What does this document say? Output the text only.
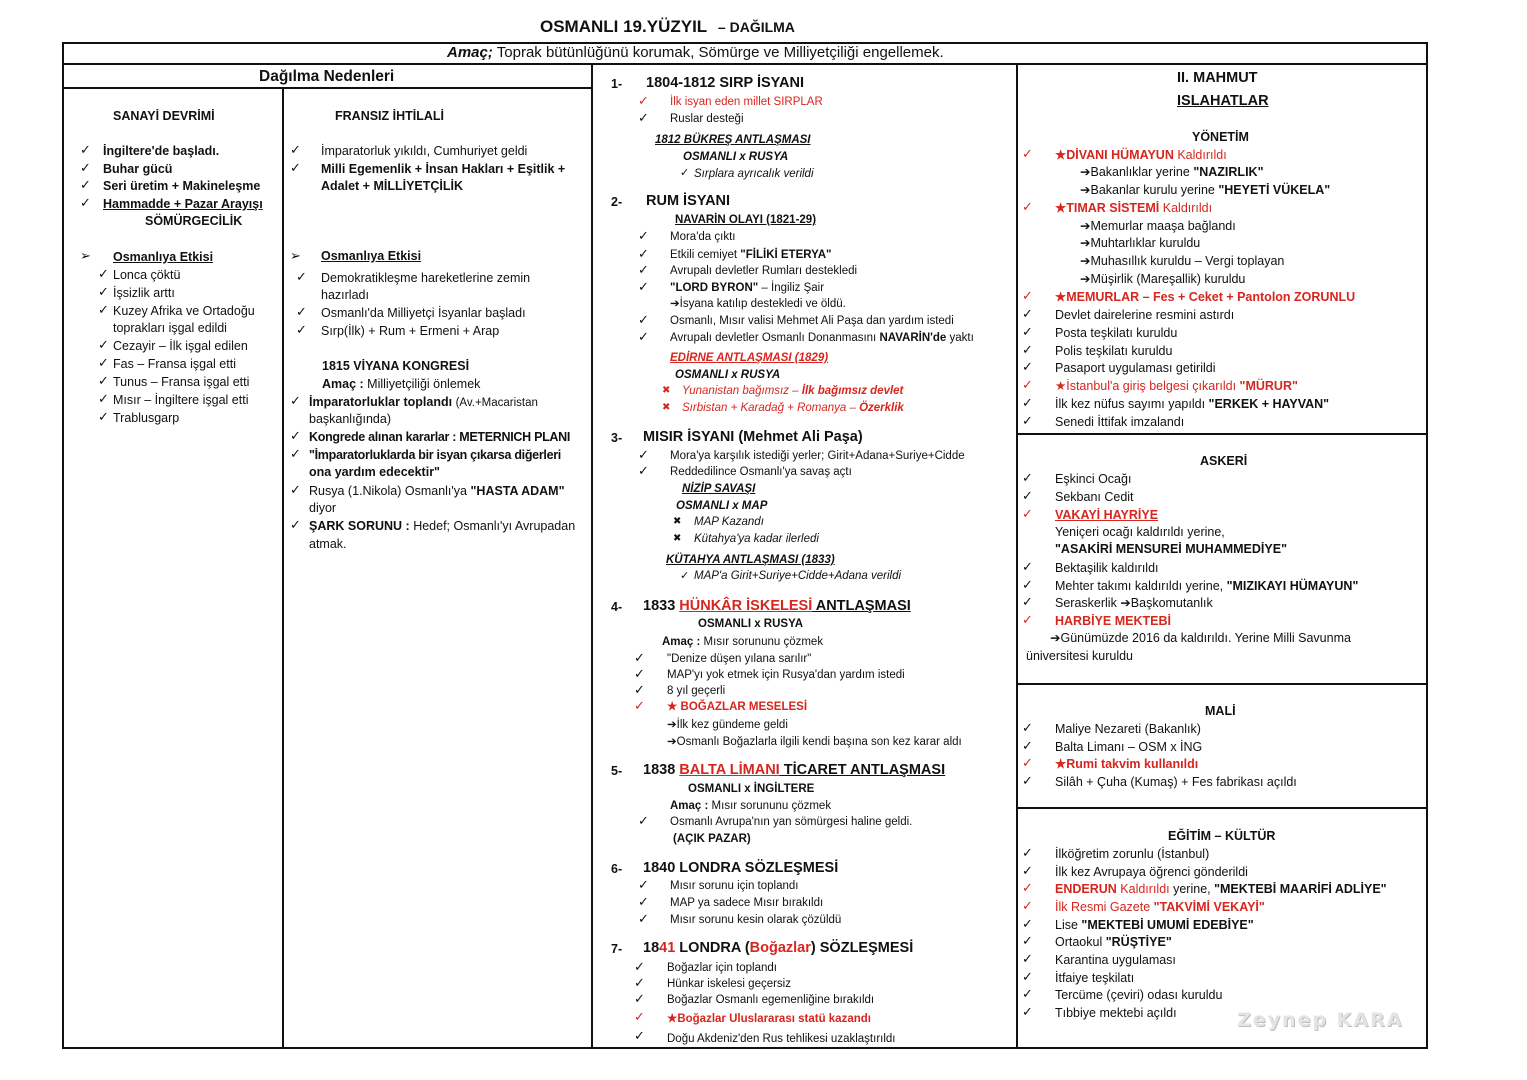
OSMANLI 19.YÜZYIL – DAĞILMA
Amaç; Toprak bütünlüğünü korumak, Sömürge ve Milliyetçiliği engellemek.
Dağılma Nedenleri
SANAYİ DEVRİMİ
✓ İngiltere'de başladı.
✓ Buhar gücü
✓ Seri üretim + Makineleşme
✓ Hammadde + Pazar Arayışı
SÖMÜRGECİLİK
➢ Osmanlıya Etkisi
✓ Lonca çöktü
✓ İşsizlik arttı
✓ Kuzey Afrika ve Ortadoğu
toprakları işgal edildi
✓ Cezayir – İlk işgal edilen
✓ Fas – Fransa işgal etti
✓ Tunus – Fransa işgal etti
✓ Mısır – İngiltere işgal etti
✓ Trablusgarp
FRANSIZ İHTİLALİ
✓ İmparatorluk yıkıldı, Cumhuriyet geldi
✓ Milli Egemenlik + İnsan Hakları + Eşitlik +
Adalet + MİLLİYETÇİLİK
➢ Osmanlıya Etkisi
✓ Demokratikleşme hareketlerine zemin
hazırladı
✓ Osmanlı'da Milliyetçi İsyanlar başladı
✓ Sırp(İlk) + Rum + Ermeni + Arap
1815 VİYANA KONGRESİ
Amaç : Milliyetçiliği önlemek
✓ İmparatorluklar toplandı (Av.+Macaristan
başkanlığında)
✓ Kongrede alınan kararlar : METERNICH PLANI
✓ "İmparatorluklarda bir isyan çıkarsa diğerleri
ona yardım edecektir"
✓ Rusya (1.Nikola) Osmanlı'ya "HASTA ADAM"
diyor
✓ ŞARK SORUNU : Hedef; Osmanlı'yı Avrupadan
atmak.
1- 1804-1812 SIRP İSYANI
✓ İlk isyan eden millet SIRPLAR
✓ Ruslar desteği
1812 BÜKREŞ ANTLAŞMASI
OSMANLI x RUSYA
✓ Sırplara ayrıcalık verildi
2- RUM İSYANI
NAVARİN OLAYI (1821-29)
✓ Mora'da çıktı
✓ Etkili cemiyet "FİLİKİ ETERYA"
✓ Avrupalı devletler Rumları destekledi
✓ "LORD BYRON" – İngiliz Şair
➔İsyana katılıp destekledi ve öldü.
✓ Osmanlı, Mısır valisi Mehmet Ali Paşa dan yardım istedi
✓ Avrupalı devletler Osmanlı Donanmasını NAVARİN'de yaktı
EDİRNE ANTLAŞMASI (1829)
OSMANLI x RUSYA
✖ Yunanistan bağımsız – İlk bağımsız devlet
✖ Sırbistan + Karadağ + Romanya – Özerklik
3- MISIR İSYANI (Mehmet Ali Paşa)
✓ Mora'ya karşılık istediği yerler; Girit+Adana+Suriye+Cidde
✓ Reddedilince Osmanlı'ya savaş açtı
NİZİP SAVAŞI
OSMANLI x MAP
✖ MAP Kazandı
✖ Kütahya'ya kadar ilerledi
KÜTAHYA ANTLAŞMASI (1833)
✓ MAP'a Girit+Suriye+Cidde+Adana verildi
4- 1833 HÜNKÂR İSKELESİ ANTLAŞMASI
OSMANLI x RUSYA
Amaç : Mısır sorununu çözmek
✓ "Denize düşen yılana sarılır"
✓ MAP'yı yok etmek için Rusya'dan yardım istedi
✓ 8 yıl geçerli
✓ ★ BOĞAZLAR MESELESİ
➔İlk kez gündeme geldi
➔Osmanlı Boğazlarla ilgili kendi başına son kez karar aldı
5- 1838 BALTA LİMANI TİCARET ANTLAŞMASI
OSMANLI x İNGİLTERE
Amaç : Mısır sorununu çözmek
✓ Osmanlı Avrupa'nın yan sömürgesi haline geldi.
(AÇIK PAZAR)
6- 1840 LONDRA SÖZLEŞMESİ
✓ Mısır sorunu için toplandı
✓ MAP ya sadece Mısır bırakıldı
✓ Mısır sorunu kesin olarak çözüldü
7- 1841 LONDRA (Boğazlar) SÖZLEŞMESİ
✓ Boğazlar için toplandı
✓ Hünkar iskelesi geçersiz
✓ Boğazlar Osmanlı egemenliğine bırakıldı
✓ ★Boğazlar Uluslararası statü kazandı
✓ Doğu Akdeniz'den Rus tehlikesi uzaklaştırıldı
II. MAHMUT
ISLAHATLAR
YÖNETİM
✓ ★DİVANI HÜMAYUN Kaldırıldı
➔Bakanlıklar yerine "NAZIRLIK"
➔Bakanlar kurulu yerine "HEYETİ VÜKELA"
✓ ★TIMAR SİSTEMİ Kaldırıldı
➔Memurlar maaşa bağlandı
➔Muhtarlıklar kuruldu
➔Muhasıllık kuruldu – Vergi toplayan
➔Müşirlik (Mareşallik) kuruldu
✓ ★MEMURLAR – Fes + Ceket + Pantolon ZORUNLU
✓ Devlet dairelerine resmini astırdı
✓ Posta teşkilatı kuruldu
✓ Polis teşkilatı kuruldu
✓ Pasaport uygulaması getirildi
✓ ★İstanbul'a giriş belgesi çıkarıldı "MÜRUR"
✓ İlk kez nüfus sayımı yapıldı "ERKEK + HAYVAN"
✓ Senedi İttifak imzalandı
ASKERİ
✓ Eşkinci Ocağı
✓ Sekbanı Cedit
✓ VAKAYİ HAYRİYE
Yeniçeri ocağı kaldırıldı yerine,
"ASAKİRİ MENSUREİ MUHAMMEDİYE"
✓ Bektaşilik kaldırıldı
✓ Mehter takımı kaldırıldı yerine, "MIZIKAYI HÜMAYUN"
✓ Seraskerlik ➔Başkomutanlık
✓ HARBİYE MEKTEBİ
➔Günümüzde 2016 da kaldırıldı. Yerine Milli Savunma
üniversitesi kuruldu
MALİ
✓ Maliye Nezareti (Bakanlık)
✓ Balta Limanı – OSM x İNG
✓ ★Rumi takvim kullanıldı
✓ Silâh + Çuha (Kumaş) + Fes fabrikası açıldı
EĞİTİM – KÜLTÜR
✓ İlköğretim zorunlu (İstanbul)
✓ İlk kez Avrupaya öğrenci gönderildi
✓ ENDERUN Kaldırıldı yerine, "MEKTEBİ MAARİFİ ADLİYE"
✓ İlk Resmi Gazete "TAKVİMİ VEKAYİ"
✓ Lise "MEKTEBİ UMUMİ EDEBİYE"
✓ Ortaokul "RÜŞTİYE"
✓ Karantina uygulaması
✓ İtfaiye teşkilatı
✓ Tercüme (çeviri) odası kuruldu
✓ Tıbbiye mektebi açıldı	Zeynep KARA
